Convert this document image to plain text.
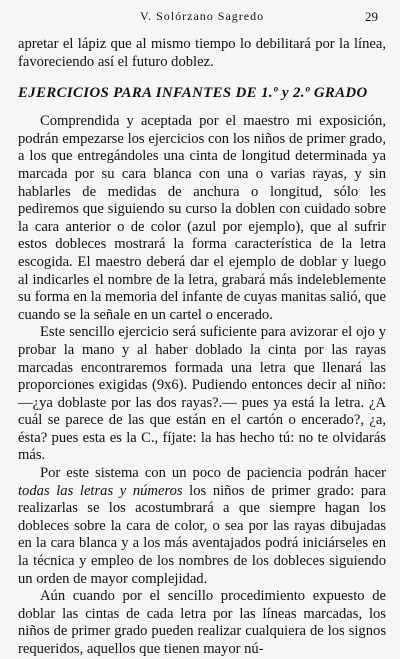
V. Solórzano Sagredo	29

apretar el lápiz que al mismo tiempo lo debilitará por la línea, favoreciendo así el futuro doblez.

EJERCICIOS PARA INFANTES DE 1.º y 2.º GRADO

Comprendida y aceptada por el maestro mi exposición, podrán empezarse los ejercicios con los niños de primer grado, a los que entregándoles una cinta de longitud determinada ya marcada por su cara blanca con una o varias rayas, y sin hablarles de medidas de anchura o longitud, sólo les pediremos que siguiendo su curso la doblen con cuidado sobre la cara anterior o de color (azul por ejemplo), que al sufrir estos dobleces mostrará la forma característica de la letra escogida. El maestro deberá dar el ejemplo de doblar y luego al indicarles el nombre de la letra, grabará más indeleblemente su forma en la memoria del infante de cuyas manitas salió, que cuando se la señale en un cartel o encerado.

Este sencillo ejercicio será suficiente para avizorar el ojo y probar la mano y al haber doblado la cinta por las rayas marcadas encontraremos formada una letra que llenará las proporciones exigidas (9x6). Pudiendo entonces decir al niño:—¿ya doblaste por las dos rayas?.— pues ya está la letra. ¿A cuál se parece de las que están en el cartón o encerado?, ¿a, ésta? pues esta es la C., fíjate: la has hecho tú: no te olvidarás más.

Por este sistema con un poco de paciencia podrán hacer todas las letras y números los niños de primer grado: para realizarlas se los acostumbrará a que siempre hagan los dobleces sobre la cara de color, o sea por las rayas dibujadas en la cara blanca y a los más aventajados podrá iniciárseles en la técnica y empleo de los nombres de los dobleces siguiendo un orden de mayor complejidad.

Aún cuando por el sencillo procedimiento expuesto de doblar las cintas de cada letra por las líneas marcadas, los niños de primer grado pueden realizar cualquiera de los signos requeridos, aquellos que tienen mayor nú-
